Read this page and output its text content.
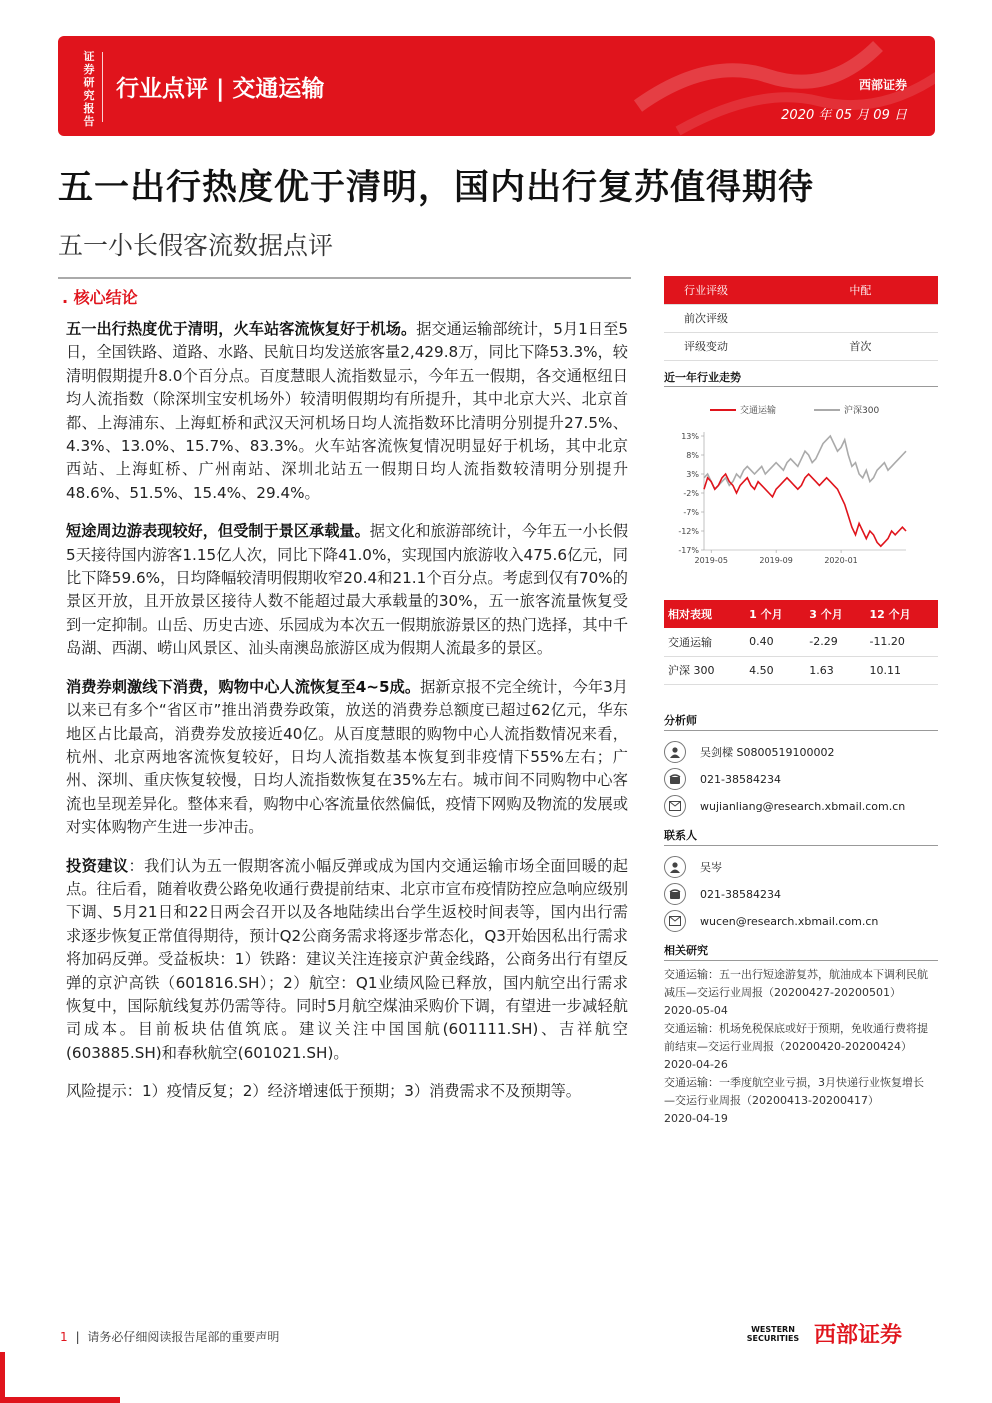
证券研究报告
行业点评 | 交通运输	西部证券
2020 年 05 月 09 日
五一出行热度优于清明，国内出行复苏值得期待
五一小长假客流数据点评
. 核心结论

五一出行热度优于清明，火车站客流恢复好于机场。据交通运输部统计，5月1日至5日，全国铁路、道路、水路、民航日均发送旅客量2,429.8万，同比下降53.3%，较清明假期提升8.0个百分点。百度慧眼人流指数显示，今年五一假期，各交通枢纽日均人流指数（除深圳宝安机场外）较清明假期均有所提升，其中北京大兴、北京首都、上海浦东、上海虹桥和武汉天河机场日均人流指数环比清明分别提升27.5%、4.3%、13.0%、15.7%、83.3%。火车站客流恢复情况明显好于机场，其中北京西站、上海虹桥、广州南站、深圳北站五一假期日均人流指数较清明分别提升48.6%、51.5%、15.4%、29.4%。

短途周边游表现较好，但受制于景区承载量。据文化和旅游部统计，今年五一小长假5天接待国内游客1.15亿人次，同比下降41.0%，实现国内旅游收入475.6亿元，同比下降59.6%，日均降幅较清明假期收窄20.4和21.1个百分点。考虑到仅有70%的景区开放，且开放景区接待人数不能超过最大承载量的30%，五一旅客流量恢复受到一定抑制。山岳、历史古迹、乐园成为本次五一假期旅游景区的热门选择，其中千岛湖、西湖、崂山风景区、汕头南澳岛旅游区成为假期人流最多的景区。

消费券刺激线下消费，购物中心人流恢复至4~5成。据新京报不完全统计，今年3月以来已有多个“省区市”推出消费券政策，放送的消费券总额度已超过62亿元，华东地区占比最高，消费券发放接近40亿。从百度慧眼的购物中心人流指数情况来看，杭州、北京两地客流恢复较好，日均人流指数基本恢复到非疫情下55%左右；广州、深圳、重庆恢复较慢，日均人流指数恢复在35%左右。城市间不同购物中心客流也呈现差异化。整体来看，购物中心客流量依然偏低，疫情下网购及物流的发展或对实体购物产生进一步冲击。

投资建议：我们认为五一假期客流小幅反弹或成为国内交通运输市场全面回暖的起点。往后看，随着收费公路免收通行费提前结束、北京市宣布疫情防控应急响应级别下调、5月21日和22日两会召开以及各地陆续出台学生返校时间表等，国内出行需求逐步恢复正常值得期待，预计Q2公商务需求将逐步常态化，Q3开始因私出行需求将加码反弹。受益板块：1）铁路：建议关注连接京沪黄金线路，公商务出行有望反弹的京沪高铁（601816.SH）；2）航空：Q1业绩风险已释放，国内航空出行需求恢复中，国际航线复苏仍需等待。同时5月航空煤油采购价下调，有望进一步减轻航司成本。目前板块估值筑底。建议关注中国国航(601111.SH)、吉祥航空(603885.SH)和春秋航空(601021.SH)。

风险提示：1）疫情反复；2）经济增速低于预期；3）消费需求不及预期等。

行业评级	中配
前次评级	
评级变动	首次
近一年行业走势
13%
8%
3%
-2%
-7%
-12%
-17%
2019-05	2019-09	2020-01
交通运输	沪深300
相对表现	1 个月	3 个月	12 个月
交通运输	0.40	-2.29	-11.20
沪深 300	4.50	1.63	10.11
分析师
吴剑樑 S0800519100002
021-38584234
wujianliang@research.xbmail.com.cn
联系人
吴岑
021-38584234
wucen@research.xbmail.com.cn
相关研究
交通运输：五一出行短途游复苏，航油成本下调利民航减压—交运行业周报（20200427-20200501）
2020-05-04
交通运输：机场免税保底或好于预期，免收通行费将提前结束—交运行业周报（20200420-20200424）
2020-04-26
交通运输：一季度航空业亏损，3月快递行业恢复增长—交运行业周报（20200413-20200417）
2020-04-19
1 |  请务必仔细阅读报告尾部的重要声明
WESTERN SECURITIES 西部证券
